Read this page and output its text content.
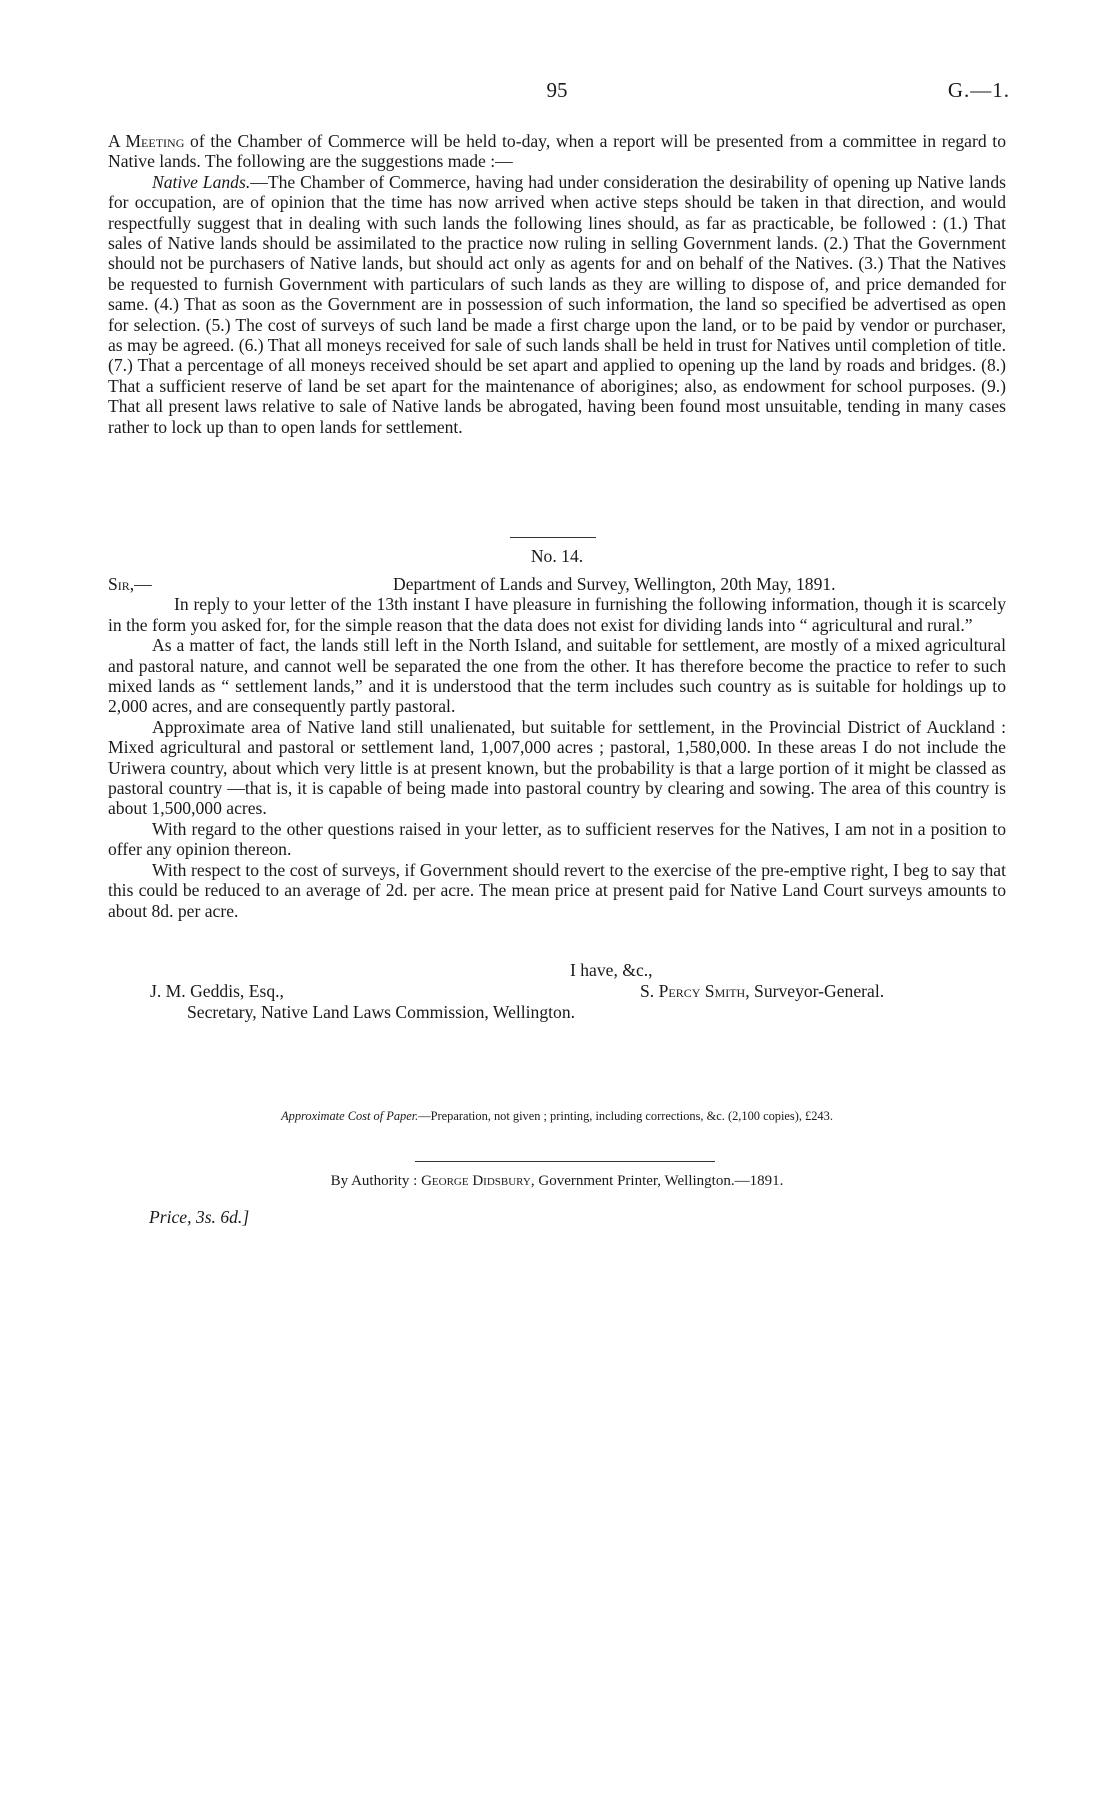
95	G.—1.

A Meeting of the Chamber of Commerce will be held to-day, when a report will be presented from a committee in regard to Native lands. The following are the suggestions made :—

Native Lands.—The Chamber of Commerce, having had under consideration the desirability of opening up Native lands for occupation, are of opinion that the time has now arrived when active steps should be taken in that direction, and would respectfully suggest that in dealing with such lands the following lines should, as far as practicable, be followed : (1.) That sales of Native lands should be assimilated to the practice now ruling in selling Government lands. (2.) That the Government should not be purchasers of Native lands, but should act only as agents for and on behalf of the Natives. (3.) That the Natives be requested to furnish Government with particulars of such lands as they are willing to dispose of, and price demanded for same. (4.) That as soon as the Government are in possession of such information, the land so specified be advertised as open for selection. (5.) The cost of surveys of such land be made a first charge upon the land, or to be paid by vendor or purchaser, as may be agreed. (6.) That all moneys received for sale of such lands shall be held in trust for Natives until completion of title. (7.) That a percentage of all moneys received should be set apart and applied to opening up the land by roads and bridges. (8.) That a sufficient reserve of land be set apart for the maintenance of aborigines; also, as endowment for school purposes. (9.) That all present laws relative to sale of Native lands be abrogated, having been found most unsuitable, tending in many cases rather to lock up than to open lands for settlement.

No. 14.
Sir,—	Department of Lands and Survey, Wellington, 20th May, 1891.

In reply to your letter of the 13th instant I have pleasure in furnishing the following information, though it is scarcely in the form you asked for, for the simple reason that the data does not exist for dividing lands into “ agricultural and rural.”

As a matter of fact, the lands still left in the North Island, and suitable for settlement, are mostly of a mixed agricultural and pastoral nature, and cannot well be separated the one from the other. It has therefore become the practice to refer to such mixed lands as “ settlement lands,” and it is understood that the term includes such country as is suitable for holdings up to 2,000 acres, and are consequently partly pastoral.

Approximate area of Native land still unalienated, but suitable for settlement, in the Provincial District of Auckland : Mixed agricultural and pastoral or settlement land, 1,007,000 acres ; pastoral, 1,580,000. In these areas I do not include the Uriwera country, about which very little is at present known, but the probability is that a large portion of it might be classed as pastoral country —that is, it is capable of being made into pastoral country by clearing and sowing. The area of this country is about 1,500,000 acres.

With regard to the other questions raised in your letter, as to sufficient reserves for the Natives, I am not in a position to offer any opinion thereon.

With respect to the cost of surveys, if Government should revert to the exercise of the pre-emptive right, I beg to say that this could be reduced to an average of 2d. per acre. The mean price at present paid for Native Land Court surveys amounts to about 8d. per acre.

I have, &c.,
J. M. Geddis, Esq.,	S. Percy Smith, Surveyor-General.
Secretary, Native Land Laws Commission, Wellington.
Approximate Cost of Paper.—Preparation, not given ; printing, including corrections, &c. (2,100 copies), £243.
By Authority : George Didsbury, Government Printer, Wellington.—1891.
Price, 3s. 6d.]
